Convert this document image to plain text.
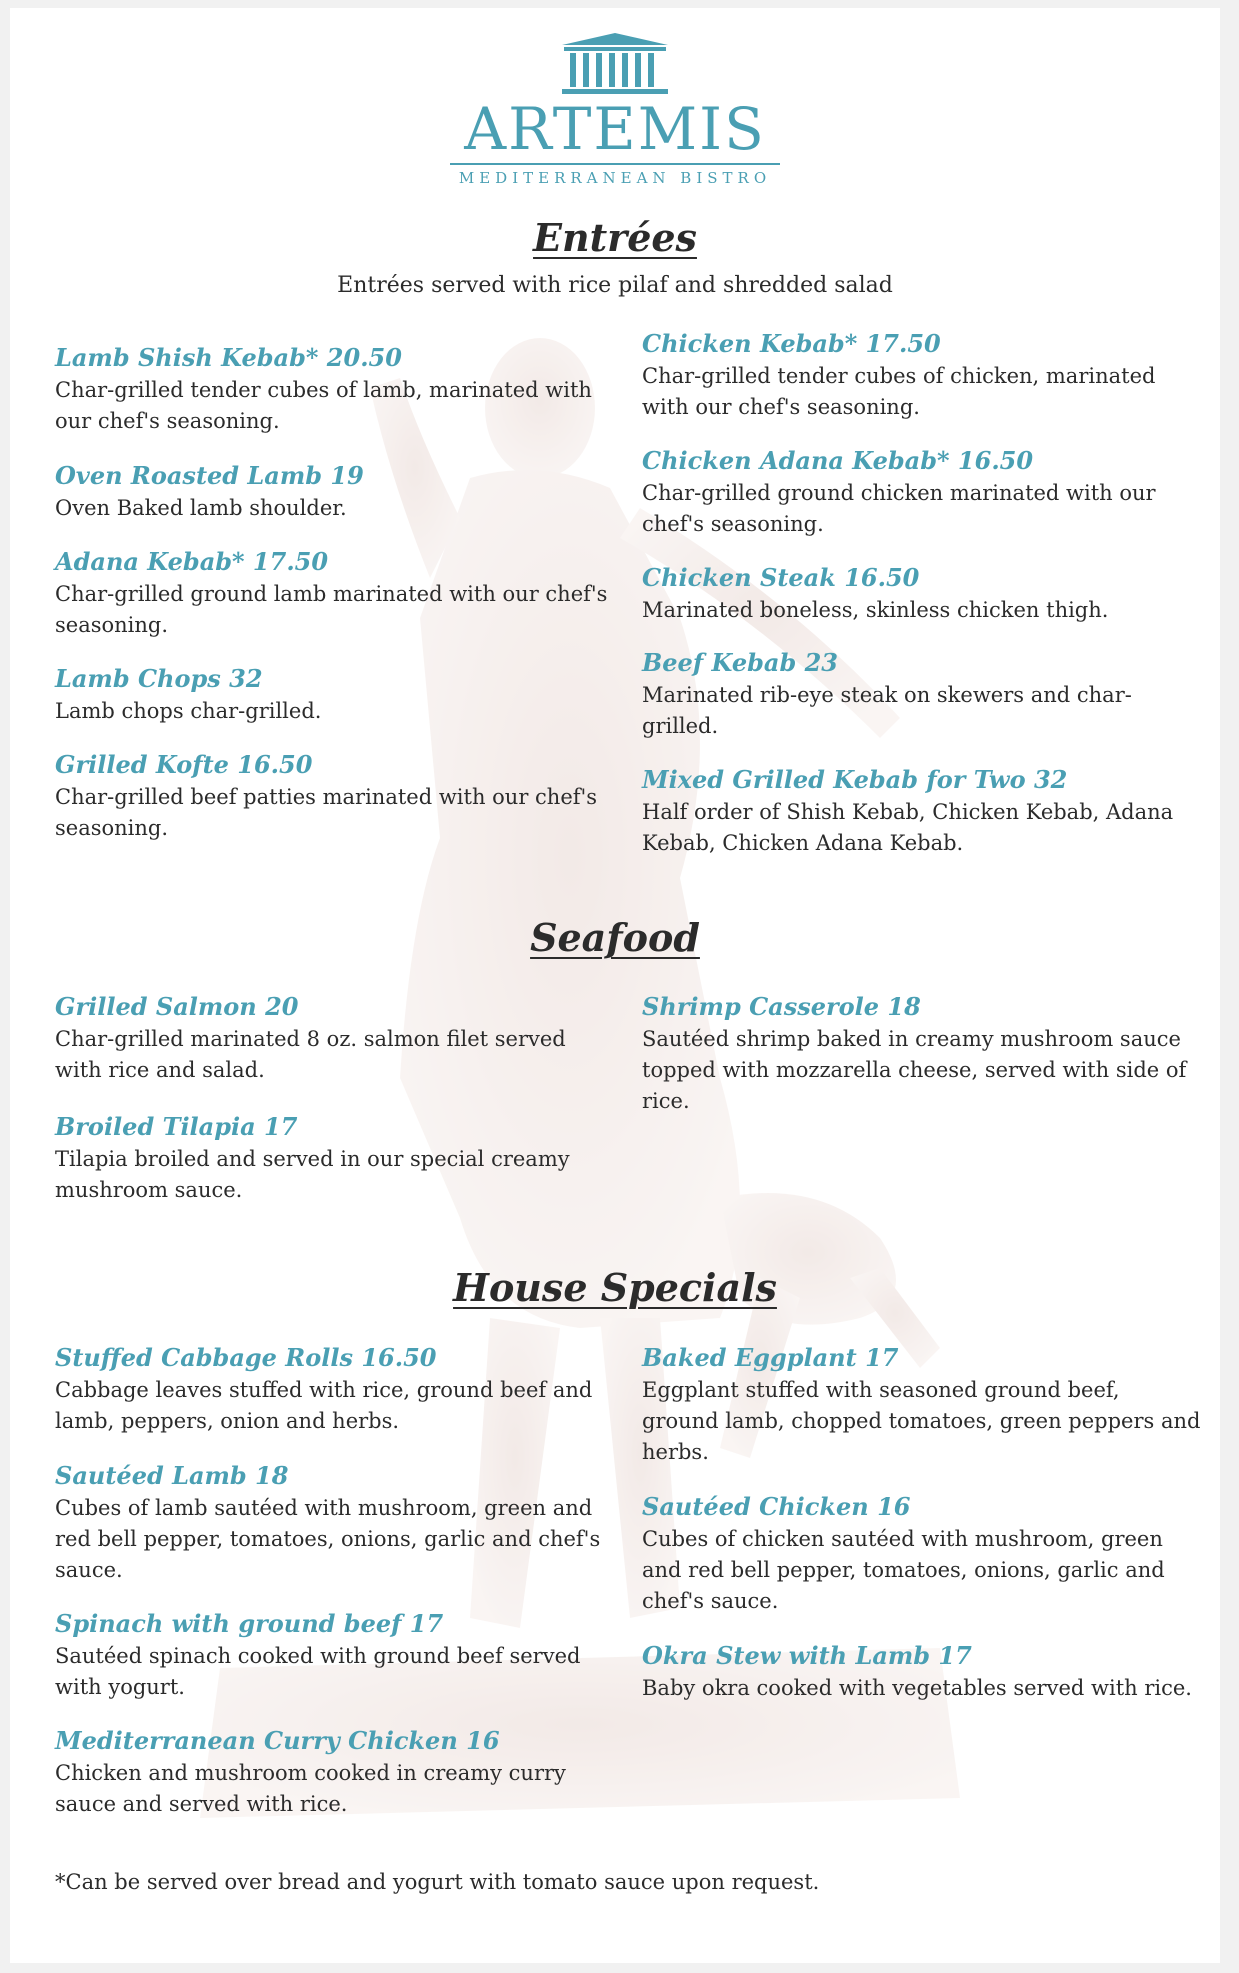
ARTEMIS
MEDITERRANEAN BISTRO
Entrées
Entrées served with rice pilaf and shredded salad
Lamb Shish Kebab* 20.50
Char-grilled tender cubes of lamb, marinated with our chef's seasoning.
Oven Roasted Lamb 19
Oven Baked lamb shoulder.
Adana Kebab* 17.50
Char-grilled ground lamb marinated with our chef's seasoning.
Lamb Chops 32
Lamb chops char-grilled.
Grilled Kofte 16.50
Char-grilled beef patties marinated with our chef's seasoning.
Chicken Kebab* 17.50
Char-grilled tender cubes of chicken, marinated with our chef's seasoning.
Chicken Adana Kebab* 16.50
Char-grilled ground chicken marinated with our chef's seasoning.
Chicken Steak 16.50
Marinated boneless, skinless chicken thigh.
Beef Kebab 23
Marinated rib-eye steak on skewers and char-grilled.
Mixed Grilled Kebab for Two 32
Half order of Shish Kebab, Chicken Kebab, Adana Kebab, Chicken Adana Kebab.
Seafood
Grilled Salmon 20
Char-grilled marinated 8 oz. salmon filet served with rice and salad.
Broiled Tilapia 17
Tilapia broiled and served in our special creamy mushroom sauce.
Shrimp Casserole 18
Sautéed shrimp baked in creamy mushroom sauce topped with mozzarella cheese, served with side of rice.
House Specials
Stuffed Cabbage Rolls 16.50
Cabbage leaves stuffed with rice, ground beef and lamb, peppers, onion and herbs.
Sautéed Lamb 18
Cubes of lamb sautéed with mushroom, green and red bell pepper, tomatoes, onions, garlic and chef's sauce.
Spinach with ground beef 17
Sautéed spinach cooked with ground beef served with yogurt.
Mediterranean Curry Chicken 16
Chicken and mushroom cooked in creamy curry sauce and served with rice.
Baked Eggplant 17
Eggplant stuffed with seasoned ground beef, ground lamb, chopped tomatoes, green peppers and herbs.
Sautéed Chicken 16
Cubes of chicken sautéed with mushroom, green and red bell pepper, tomatoes, onions, garlic and chef's sauce.
Okra Stew with Lamb 17
Baby okra cooked with vegetables served with rice.
*Can be served over bread and yogurt with tomato sauce upon request.
